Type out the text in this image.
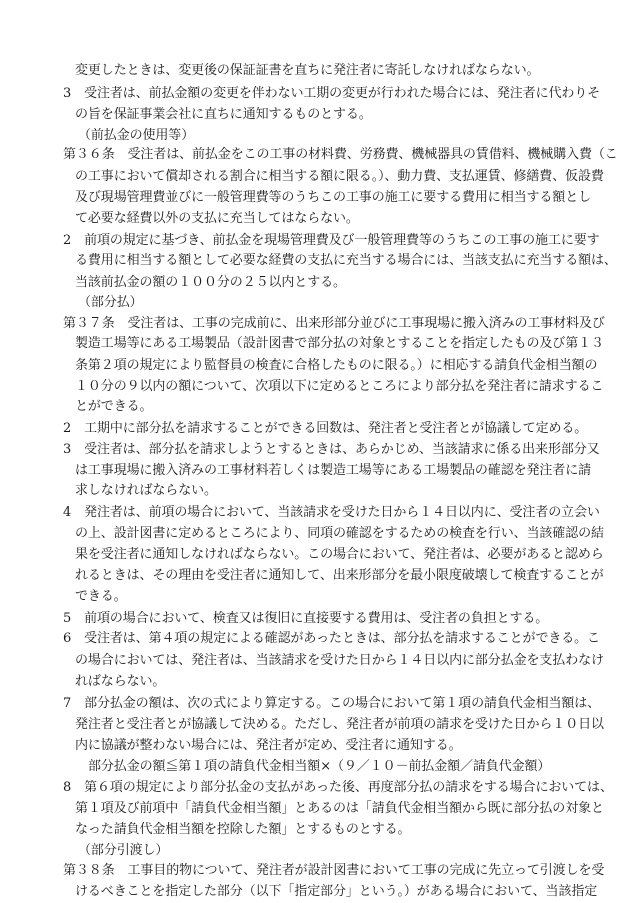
変更したときは、変更後の保証証書を直ちに発注者に寄託しなければならない。
3　受注者は、前払金額の変更を伴わない工期の変更が行われた場合には、発注者に代わりそ
の旨を保証事業会社に直ちに通知するものとする。
（前払金の使用等）
第３６条　受注者は、前払金をこの工事の材料費、労務費、機械器具の賃借料、機械購入費（こ
の工事において償却される割合に相当する額に限る。）、動力費、支払運賃、修繕費、仮設費
及び現場管理費並びに一般管理費等のうちこの工事の施工に要する費用に相当する額とし
て必要な経費以外の支払に充当してはならない。
2　前項の規定に基づき、前払金を現場管理費及び一般管理費等のうちこの工事の施工に要す
る費用に相当する額として必要な経費の支払に充当する場合には、当該支払に充当する額は、
当該前払金の額の１００分の２５以内とする。
（部分払）
第３７条　受注者は、工事の完成前に、出来形部分並びに工事現場に搬入済みの工事材料及び
製造工場等にある工場製品（設計図書で部分払の対象とすることを指定したもの及び第１３
条第２項の規定により監督員の検査に合格したものに限る。）に相応する請負代金相当額の
１０分の９以内の額について、次項以下に定めるところにより部分払を発注者に請求するこ
とができる。
2　工期中に部分払を請求することができる回数は、発注者と受注者とが協議して定める。
3　受注者は、部分払を請求しようとするときは、あらかじめ、当該請求に係る出来形部分又
は工事現場に搬入済みの工事材料若しくは製造工場等にある工場製品の確認を発注者に請
求しなければならない。
4　発注者は、前項の場合において、当該請求を受けた日から１４日以内に、受注者の立会い
の上、設計図書に定めるところにより、同項の確認をするための検査を行い、当該確認の結
果を受注者に通知しなければならない。この場合において、発注者は、必要があると認めら
れるときは、その理由を受注者に通知して、出来形部分を最小限度破壊して検査することが
できる。
5　前項の場合において、検査又は復旧に直接要する費用は、受注者の負担とする。
6　受注者は、第４項の規定による確認があったときは、部分払を請求することができる。こ
の場合においては、発注者は、当該請求を受けた日から１４日以内に部分払金を支払わなけ
ればならない。
7　部分払金の額は、次の式により算定する。この場合において第１項の請負代金相当額は、
発注者と受注者とが協議して決める。ただし、発注者が前項の請求を受けた日から１０日以
内に協議が整わない場合には、発注者が定め、受注者に通知する。
部分払金の額≦第１項の請負代金相当額×（９／１０－前払金額／請負代金額）
8　第６項の規定により部分払金の支払があった後、再度部分払の請求をする場合においては、
第１項及び前項中「請負代金相当額」とあるのは「請負代金相当額から既に部分払の対象と
なった請負代金相当額を控除した額」とするものとする。
（部分引渡し）
第３８条　工事目的物について、発注者が設計図書において工事の完成に先立って引渡しを受
けるべきことを指定した部分（以下「指定部分」という。）がある場合において、当該指定
